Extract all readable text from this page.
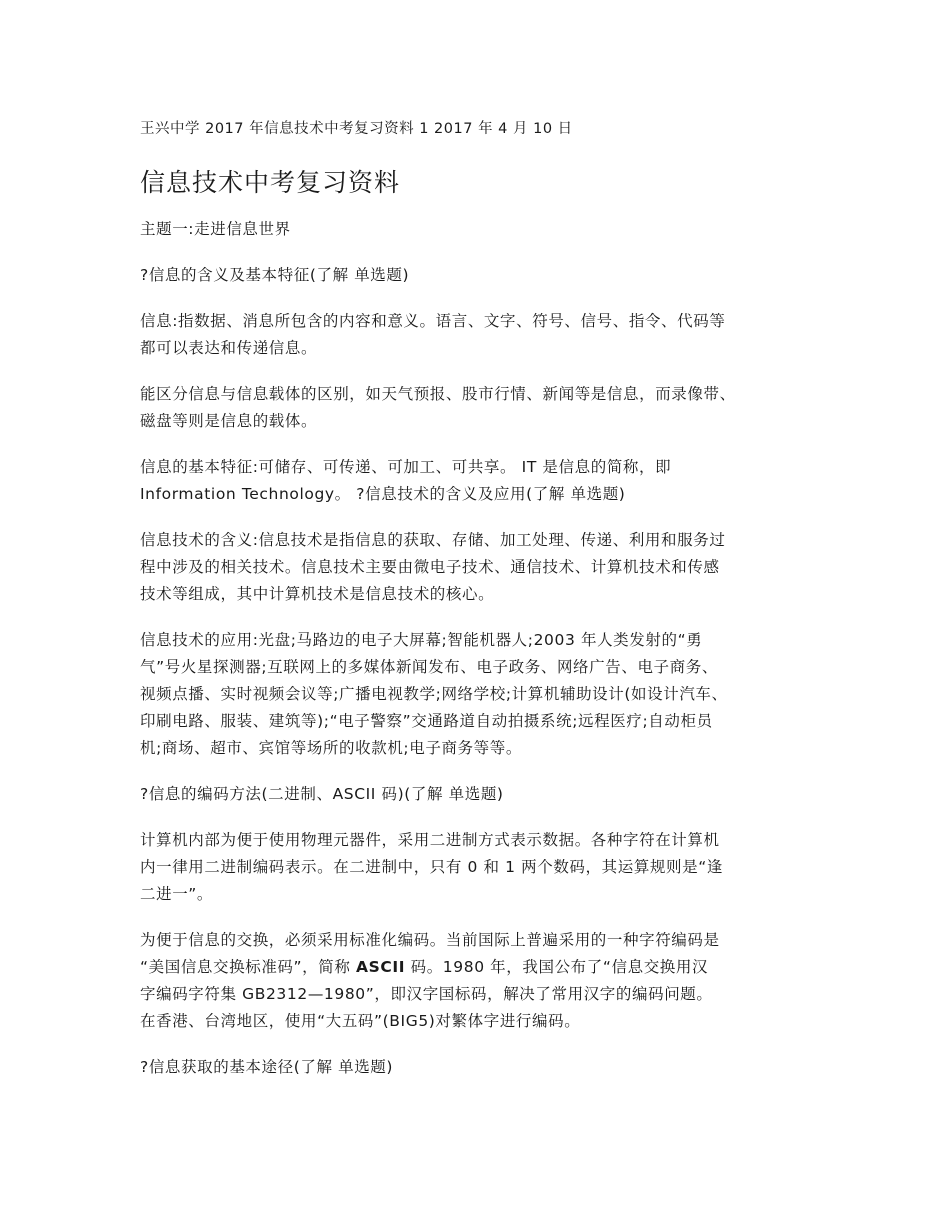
王兴中学 2017 年信息技术中考复习资料 1 2017 年 4 月 10 日
信息技术中考复习资料

主题一:走进信息世界

?信息的含义及基本特征(了解 单选题)

信息:指数据、消息所包含的内容和意义。语言、文字、符号、信号、指令、代码等
都可以表达和传递信息。

能区分信息与信息载体的区别，如天气预报、股市行情、新闻等是信息，而录像带、
磁盘等则是信息的载体。

信息的基本特征:可储存、可传递、可加工、可共享。 IT 是信息的简称，即
Information Technology。 ?信息技术的含义及应用(了解 单选题)

信息技术的含义:信息技术是指信息的获取、存储、加工处理、传递、利用和服务过
程中涉及的相关技术。信息技术主要由微电子技术、通信技术、计算机技术和传感
技术等组成，其中计算机技术是信息技术的核心。

信息技术的应用:光盘;马路边的电子大屏幕;智能机器人;2003 年人类发射的“勇
气”号火星探测器;互联网上的多媒体新闻发布、电子政务、网络广告、电子商务、
视频点播、实时视频会议等;广播电视教学;网络学校;计算机辅助设计(如设计汽车、
印刷电路、服装、建筑等);“电子警察”交通路道自动拍摄系统;远程医疗;自动柜员
机;商场、超市、宾馆等场所的收款机;电子商务等等。

?信息的编码方法(二进制、ASCII 码)(了解 单选题)

计算机内部为便于使用物理元器件，采用二进制方式表示数据。各种字符在计算机
内一律用二进制编码表示。在二进制中，只有 0 和 1 两个数码，其运算规则是“逢
二进一”。

为便于信息的交换，必须采用标准化编码。当前国际上普遍采用的一种字符编码是
“美国信息交换标准码”，简称 ASCII 码。1980 年，我国公布了“信息交换用汉
字编码字符集 GB2312—1980”，即汉字国标码，解决了常用汉字的编码问题。
在香港、台湾地区，使用“大五码”(BIG5)对繁体字进行编码。

?信息获取的基本途径(了解 单选题)
